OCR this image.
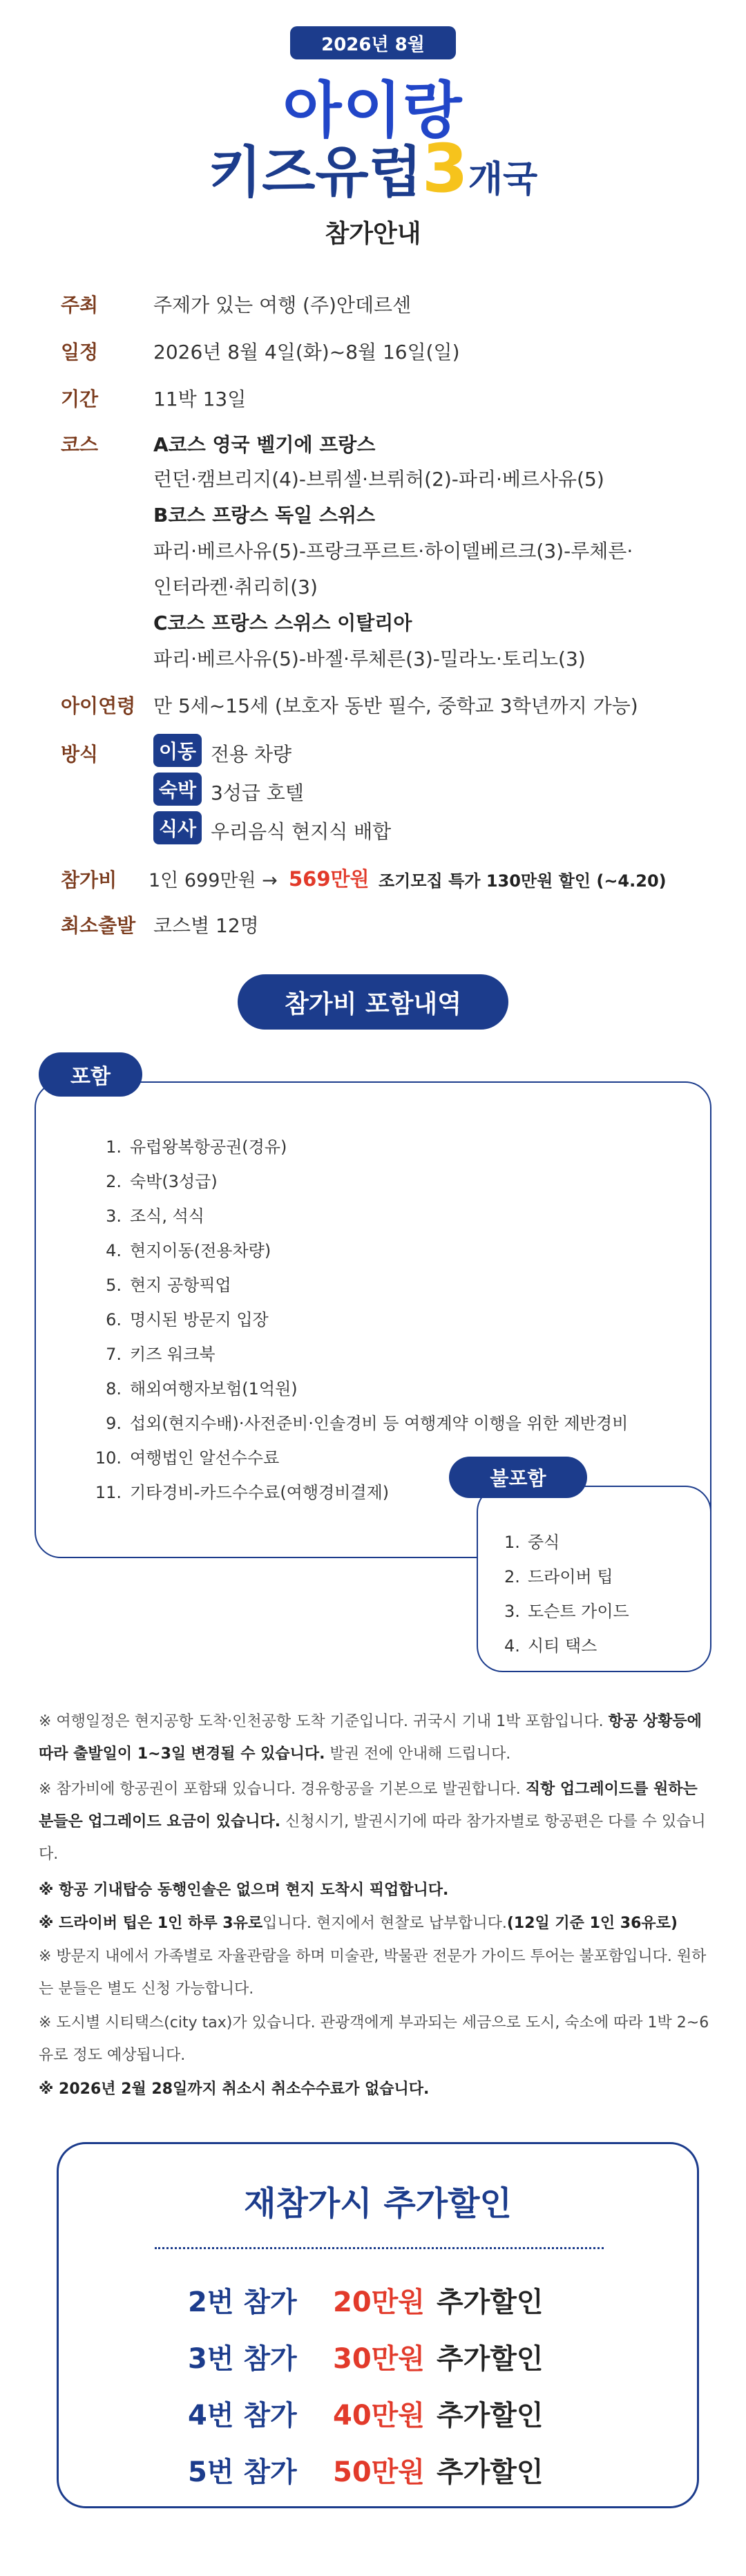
2026년 8월
아이랑
키즈유럽3개국
참가안내
주최	주제가 있는 여행 (주)안데르센
일정	2026년 8월 4일(화)~8월 16일(일)
기간	11박 13일
코스	A코스 영국 벨기에 프랑스
런던·캠브리지(4)-브뤼셀·브뤼허(2)-파리·베르사유(5)
B코스 프랑스 독일 스위스
파리·베르사유(5)-프랑크푸르트·하이델베르크(3)-루체른·
인터라켄·취리히(3)
C코스 프랑스 스위스 이탈리아
파리·베르사유(5)-바젤·루체른(3)-밀라노·토리노(3)
아이연령 만 5세~15세 (보호자 동반 필수, 중학교 3학년까지 가능)
방식	이동 전용 차량
숙박 3성급 호텔
식사 우리음식 현지식 배합
참가비 1인 699만원 → 569만원 조기모집 특가 130만원 할인 (~4.20)
최소출발 코스별 12명
참가비 포함내역
포함
1. 유럽왕복항공권(경유)
2. 숙박(3성급)
3. 조식, 석식
4. 현지이동(전용차량)
5. 현지 공항픽업
6. 명시된 방문지 입장
7. 키즈 워크북
8. 해외여행자보험(1억원)
9. 섭외(현지수배)·사전준비·인솔경비 등 여행계약 이행을 위한 제반경비
10. 여행법인 알선수수료
11. 기타경비-카드수수료(여행경비결제)
불포함
1. 중식
2. 드라이버 팁
3. 도슨트 가이드
4. 시티 택스
※ 여행일정은 현지공항 도착·인천공항 도착 기준입니다. 귀국시 기내 1박 포함입니다. 항공 상황등에 따라 출발일이 1~3일 변경될 수 있습니다. 발권 전에 안내해 드립니다.
※ 참가비에 항공권이 포함돼 있습니다. 경유항공을 기본으로 발권합니다. 직항 업그레이드를 원하는 분들은 업그레이드 요금이 있습니다. 신청시기, 발권시기에 따라 참가자별로 항공편은 다를 수 있습니다.
※ 항공 기내탑승 동행인솔은 없으며 현지 도착시 픽업합니다.
※ 드라이버 팁은 1인 하루 3유로입니다. 현지에서 현찰로 납부합니다.(12일 기준 1인 36유로)
※ 방문지 내에서 가족별로 자율관람을 하며 미술관, 박물관 전문가 가이드 투어는 불포함입니다. 원하는 분들은 별도 신청 가능합니다.
※ 도시별 시티택스(city tax)가 있습니다. 관광객에게 부과되는 세금으로 도시, 숙소에 따라 1박 2~6유로 정도 예상됩니다.
※ 2026년 2월 28일까지 취소시 취소수수료가 없습니다.
재참가시 추가할인
2번 참가 20만원 추가할인
3번 참가 30만원 추가할인
4번 참가 40만원 추가할인
5번 참가 50만원 추가할인
